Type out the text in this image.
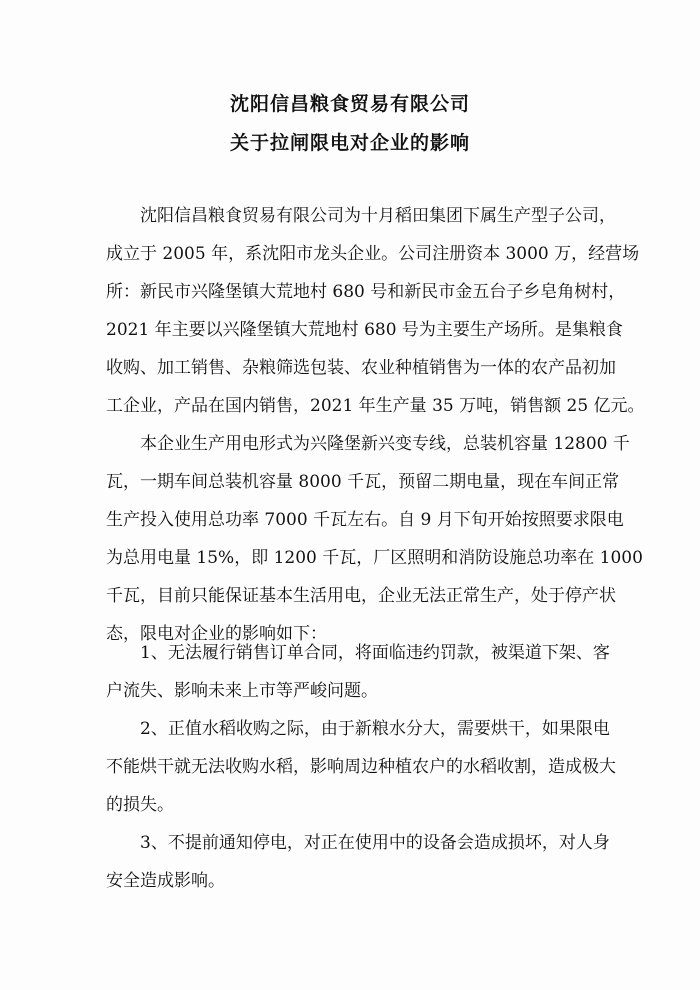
沈阳信昌粮食贸易有限公司
关于拉闸限电对企业的影响

沈阳信昌粮食贸易有限公司为十月稻田集团下属生产型子公司，
成立于 2005 年，系沈阳市龙头企业。公司注册资本 3000 万，经营场
所：新民市兴隆堡镇大荒地村 680 号和新民市金五台子乡皂角树村，
2021 年主要以兴隆堡镇大荒地村 680 号为主要生产场所。是集粮食
收购、加工销售、杂粮筛选包装、农业种植销售为一体的农产品初加
工企业，产品在国内销售，2021 年生产量 35 万吨，销售额 25 亿元。

本企业生产用电形式为兴隆堡新兴变专线，总装机容量 12800 千
瓦，一期车间总装机容量 8000 千瓦，预留二期电量，现在车间正常
生产投入使用总功率 7000 千瓦左右。自 9 月下旬开始按照要求限电
为总用电量 15%，即 1200 千瓦，厂区照明和消防设施总功率在 1000
千瓦，目前只能保证基本生活用电，企业无法正常生产，处于停产状
态，限电对企业的影响如下：

1、无法履行销售订单合同，将面临违约罚款，被渠道下架、客
户流失、影响未来上市等严峻问题。

2、正值水稻收购之际，由于新粮水分大，需要烘干，如果限电
不能烘干就无法收购水稻，影响周边种植农户的水稻收割，造成极大
的损失。

3、不提前通知停电，对正在使用中的设备会造成损坏，对人身
安全造成影响。
